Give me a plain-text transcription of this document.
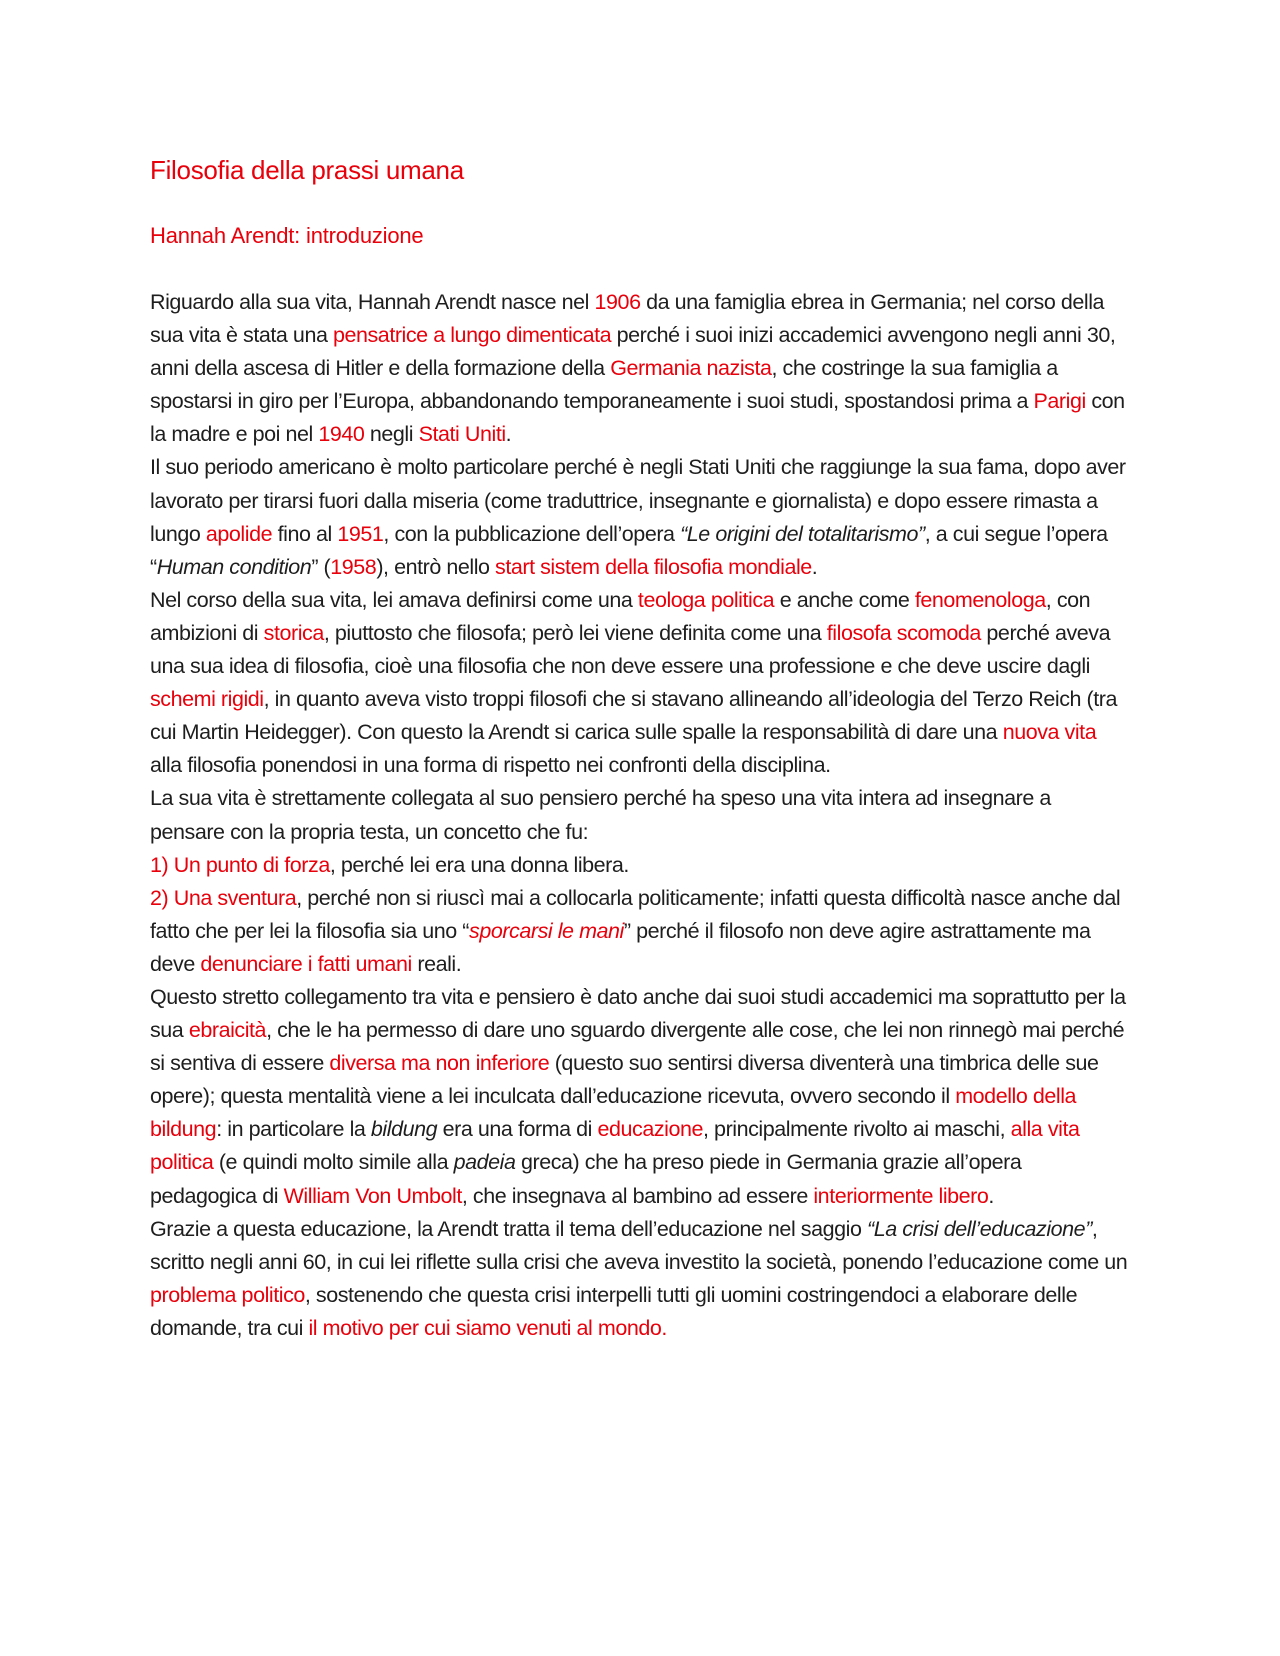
Filosofia della prassi umana
Hannah Arendt: introduzione

Riguardo alla sua vita, Hannah Arendt nasce nel 1906 da una famiglia ebrea in Germania; nel corso della sua vita è stata una pensatrice a lungo dimenticata perché i suoi inizi accademici avvengono negli anni 30, anni della ascesa di Hitler e della formazione della Germania nazista, che costringe la sua famiglia a spostarsi in giro per l’Europa, abbandonando temporaneamente i suoi studi, spostandosi prima a Parigi con la madre e poi nel 1940 negli Stati Uniti.

Il suo periodo americano è molto particolare perché è negli Stati Uniti che raggiunge la sua fama, dopo aver lavorato per tirarsi fuori dalla miseria (come traduttrice, insegnante e giornalista) e dopo essere rimasta a lungo apolide fino al 1951, con la pubblicazione dell’opera “Le origini del totalitarismo”, a cui segue l’opera “Human condition” (1958), entrò nello start sistem della filosofia mondiale.

Nel corso della sua vita, lei amava definirsi come una teologa politica e anche come fenomenologa, con ambizioni di storica, piuttosto che filosofa; però lei viene definita come una filosofa scomoda perché aveva una sua idea di filosofia, cioè una filosofia che non deve essere una professione e che deve uscire dagli schemi rigidi, in quanto aveva visto troppi filosofi che si stavano allineando all’ideologia del Terzo Reich (tra cui Martin Heidegger). Con questo la Arendt si carica sulle spalle la responsabilità di dare una nuova vita alla filosofia ponendosi in una forma di rispetto nei confronti della disciplina.

La sua vita è strettamente collegata al suo pensiero perché ha speso una vita intera ad insegnare a pensare con la propria testa, un concetto che fu:

1) Un punto di forza, perché lei era una donna libera.

2) Una sventura, perché non si riuscì mai a collocarla politicamente; infatti questa difficoltà nasce anche dal fatto che per lei la filosofia sia uno “sporcarsi le mani” perché il filosofo non deve agire astrattamente ma deve denunciare i fatti umani reali.

Questo stretto collegamento tra vita e pensiero è dato anche dai suoi studi accademici ma soprattutto per la sua ebraicità, che le ha permesso di dare uno sguardo divergente alle cose, che lei non rinnegò mai perché si sentiva di essere diversa ma non inferiore (questo suo sentirsi diversa diventerà una timbrica delle sue opere); questa mentalità viene a lei inculcata dall’educazione ricevuta, ovvero secondo il modello della bildung: in particolare la bildung era una forma di educazione, principalmente rivolto ai maschi, alla vita politica (e quindi molto simile alla padeia greca) che ha preso piede in Germania grazie all’opera pedagogica di William Von Umbolt, che insegnava al bambino ad essere interiormente libero.

Grazie a questa educazione, la Arendt tratta il tema dell’educazione nel saggio “La crisi dell’educazione”, scritto negli anni 60, in cui lei riflette sulla crisi che aveva investito la società, ponendo l’educazione come un problema politico, sostenendo che questa crisi interpelli tutti gli uomini costringendoci a elaborare delle domande, tra cui il motivo per cui siamo venuti al mondo.
